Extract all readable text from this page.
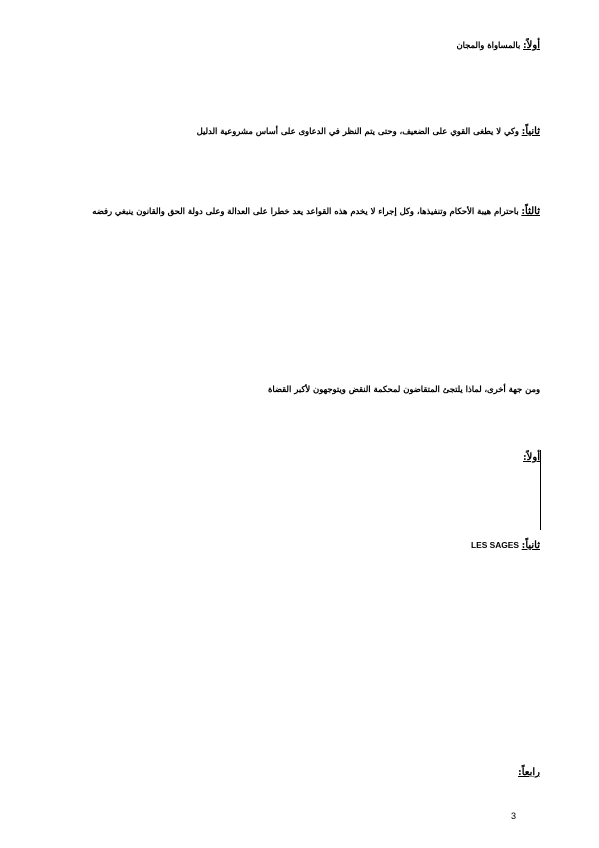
أولاً: بالمساواة والمجان
ثانياً: وكي لا يطغى القوي على الضعيف، وحتى يتم النظر في الدعاوى على أساس مشروعية الدليل
ثالثاً: باحترام هيبة الأحكام وتنفيذها، وكل إجراء لا يخدم هذه القواعد يعد خطرا على العدالة وعلى دولة الحق والقانون ينبغي رفضه
ومن جهة أخرى، لماذا يلتجئ المتقاضون لمحكمة النقض ويتوجهون لأكبر القضاة
أولاً:
ثانياً: LES SAGES
رابعاً:
3
